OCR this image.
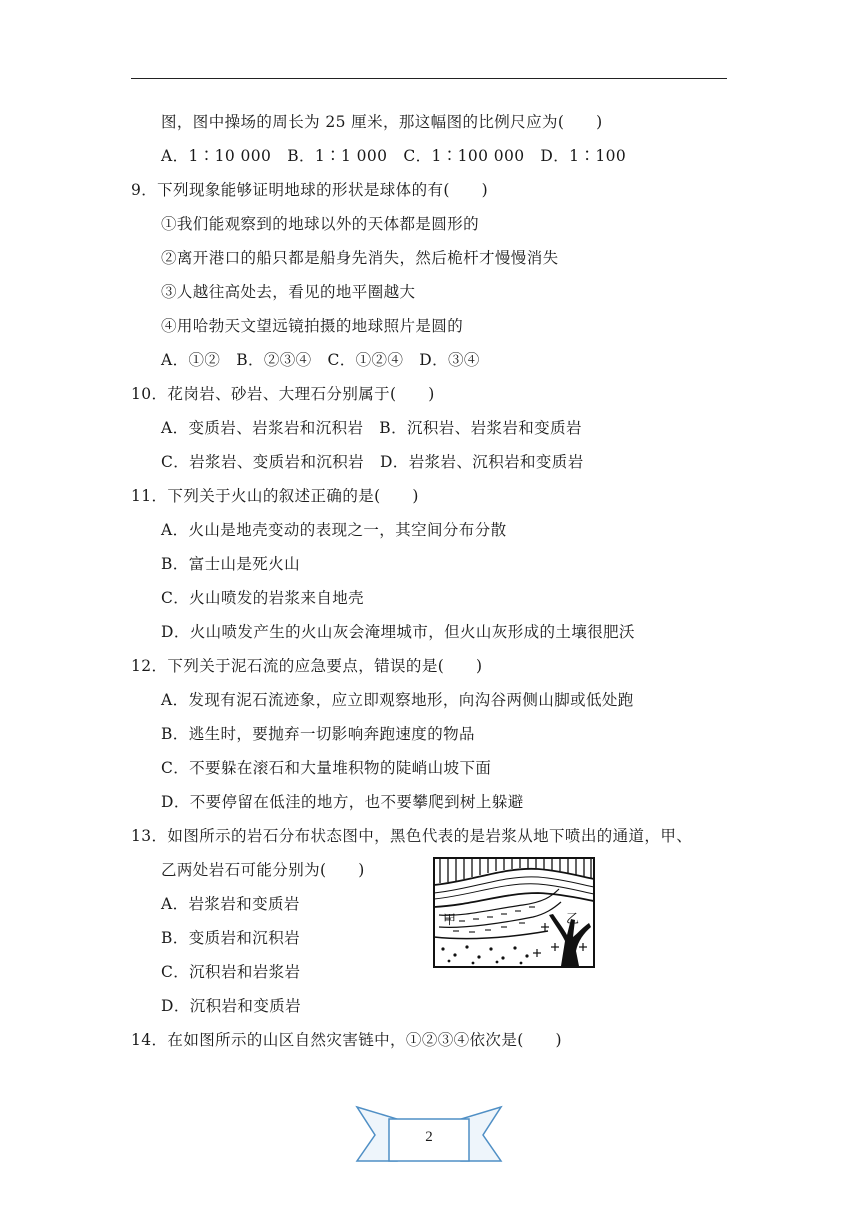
图，图中操场的周长为 25 厘米，那这幅图的比例尺应为(　　)
A．1∶10 000　B．1∶1 000　C．1∶100 000　D．1∶100
9．下列现象能够证明地球的形状是球体的有(　　)
①我们能观察到的地球以外的天体都是圆形的
②离开港口的船只都是船身先消失，然后桅杆才慢慢消失
③人越往高处去，看见的地平圈越大
④用哈勃天文望远镜拍摄的地球照片是圆的
A．①②　B．②③④　C．①②④　D．③④
10．花岗岩、砂岩、大理石分别属于(　　)
A．变质岩、岩浆岩和沉积岩　B．沉积岩、岩浆岩和变质岩
C．岩浆岩、变质岩和沉积岩　D．岩浆岩、沉积岩和变质岩
11．下列关于火山的叙述正确的是(　　)
A．火山是地壳变动的表现之一，其空间分布分散
B．富士山是死火山
C．火山喷发的岩浆来自地壳
D．火山喷发产生的火山灰会淹埋城市，但火山灰形成的土壤很肥沃
12．下列关于泥石流的应急要点，错误的是(　　)
A．发现有泥石流迹象，应立即观察地形，向沟谷两侧山脚或低处跑
B．逃生时，要抛弃一切影响奔跑速度的物品
C．不要躲在滚石和大量堆积物的陡峭山坡下面
D．不要停留在低洼的地方，也不要攀爬到树上躲避
13．如图所示的岩石分布状态图中，黑色代表的是岩浆从地下喷出的通道，甲、
乙两处岩石可能分别为(　　)
A．岩浆岩和变质岩
B．变质岩和沉积岩
C．沉积岩和岩浆岩
D．沉积岩和变质岩
14．在如图所示的山区自然灾害链中，①②③④依次是(　　)
甲	乙
2
